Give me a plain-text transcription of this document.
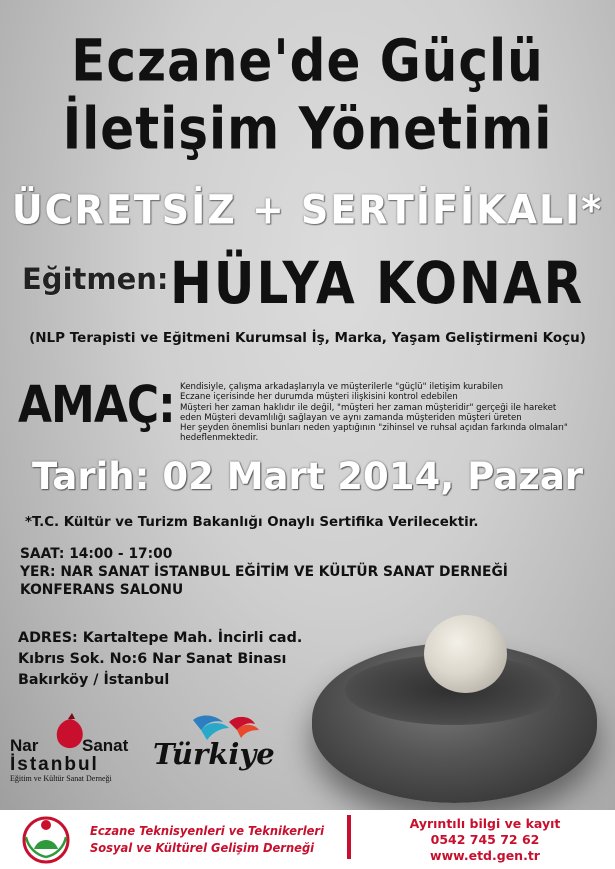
Eczane'de Güçlü
İletişim Yönetimi
ÜCRETSİZ + SERTİFİKALI*
Eğitmen: HÜLYA KONAR
(NLP Terapisti ve Eğitmeni Kurumsal İş, Marka, Yaşam Geliştirmeni Koçu)
AMAÇ: Kendisiyle, çalışma arkadaşlarıyla ve müşterilerle "güçlü" iletişim kurabilen

Eczane içerisinde her durumda müşteri ilişkisini kontrol edebilen

Müşteri her zaman haklıdır ile değil, "müşteri her zaman müşteridir" gerçeği ile hareket

eden Müşteri devamlılığı sağlayan ve aynı zamanda müşteriden müşteri üreten

Her şeyden önemlisi bunları neden yaptığının "zihinsel ve ruhsal açıdan farkında olmaları"

hedeflenmektedir.

Tarih: 02 Mart 2014, Pazar
*T.C. Kültür ve Turizm Bakanlığı Onaylı Sertifika Verilecektir.
SAAT: 14:00 - 17:00
YER: NAR SANAT İSTANBUL EĞİTİM VE KÜLTÜR SANAT DERNEĞİ
KONFERANS SALONU
ADRES: Kartaltepe Mah. İncirli cad.
Kıbrıs Sok. No:6 Nar Sanat Binası
Bakırköy / İstanbul
Nar	Sanat
İstanbul
Eğitim ve Kültür Sanat Derneği
Türkiye
Eczane Teknisyenleri ve Teknikerleri
Sosyal ve Kültürel Gelişim Derneği
Ayrıntılı bilgi ve kayıt
0542 745 72 62
www.etd.gen.tr
